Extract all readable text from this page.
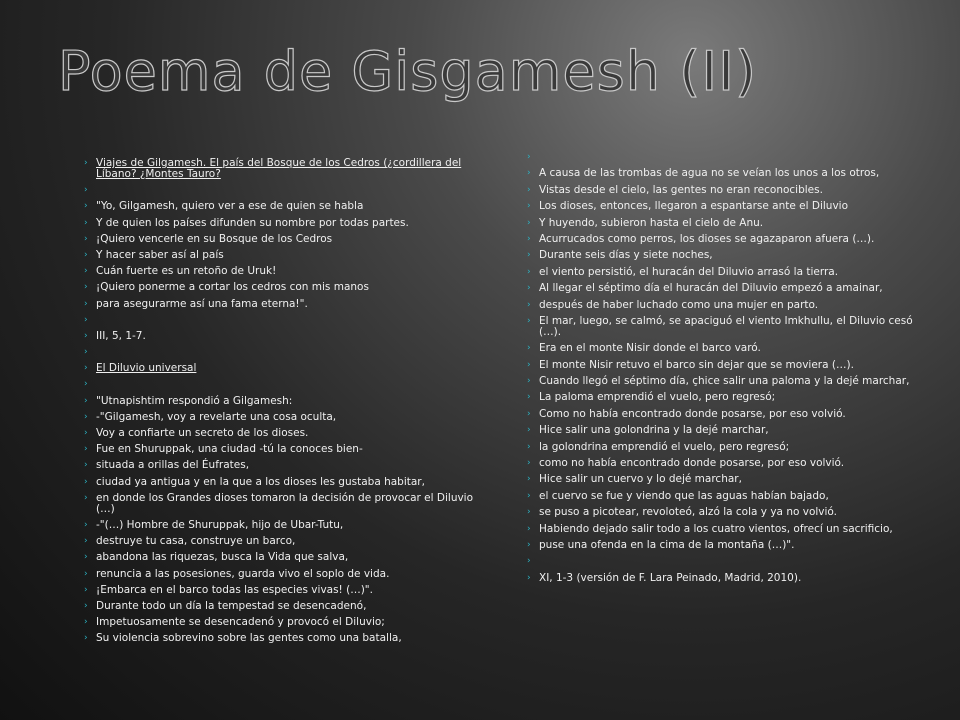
Poema de Gisgamesh (II)
› Viajes de Gilgamesh. El país del Bosque de los Cedros (¿cordillera del Líbano? ¿Montes Tauro?
›
› "Yo, Gilgamesh, quiero ver a ese de quien se habla
› Y de quien los países difunden su nombre por todas partes.
› ¡Quiero vencerle en su Bosque de los Cedros
› Y hacer saber así al país
› Cuán fuerte es un retoño de Uruk!
› ¡Quiero ponerme a cortar los cedros con mis manos
› para asegurarme así una fama eterna!".
›
› III, 5, 1-7.
›
› El Diluvio universal
›
› "Utnapishtim respondió a Gilgamesh:
› -"Gilgamesh, voy a revelarte una cosa oculta,
› Voy a confiarte un secreto de los dioses.
› Fue en Shuruppak, una ciudad -tú la conoces bien-
› situada a orillas del Éufrates,
› ciudad ya antigua y en la que a los dioses les gustaba habitar,
› en donde los Grandes dioses tomaron la decisión de provocar el Diluvio (…)
› -"(…) Hombre de Shuruppak, hijo de Ubar-Tutu,
› destruye tu casa, construye un barco,
› abandona las riquezas, busca la Vida que salva,
› renuncia a las posesiones, guarda vivo el soplo de vida.
› ¡Embarca en el barco todas las especies vivas! (…)".
› Durante todo un día la tempestad se desencadenó,
› Impetuosamente se desencadenó y provocó el Diluvio;
› Su violencia sobrevino sobre las gentes como una batalla,
›
› A causa de las trombas de agua no se veían los unos a los otros,
› Vistas desde el cielo, las gentes no eran reconocibles.
› Los dioses, entonces, llegaron a espantarse ante el Diluvio
› Y huyendo, subieron hasta el cielo de Anu.
› Acurrucados como perros, los dioses se agazaparon afuera (…).
› Durante seis días y siete noches,
› el viento persistió, el huracán del Diluvio arrasó la tierra.
› Al llegar el séptimo día el huracán del Diluvio empezó a amainar,
› después de haber luchado como una mujer en parto.
› El mar, luego, se calmó, se apaciguó el viento Imkhullu, el Diluvio cesó (…).
› Era en el monte Nisir donde el barco varó.
› El monte Nisir retuvo el barco sin dejar que se moviera (…).
› Cuando llegó el séptimo día, çhice salir una paloma y la dejé marchar,
› La paloma emprendió el vuelo, pero regresó;
› Como no había encontrado donde posarse, por eso volvió.
› Hice salir una golondrina y la dejé marchar,
› la golondrina emprendió el vuelo, pero regresó;
› como no había encontrado donde posarse, por eso volvió.
› Hice salir un cuervo y lo dejé marchar,
› el cuervo se fue y viendo que las aguas habían bajado,
› se puso a picotear, revoloteó, alzó la cola y ya no volvió.
› Habiendo dejado salir todo a los cuatro vientos, ofrecí un sacrificio,
› puse una ofenda en la cima de la montaña (…)".
›
› XI, 1-3 (versión de F. Lara Peinado, Madrid, 2010).
